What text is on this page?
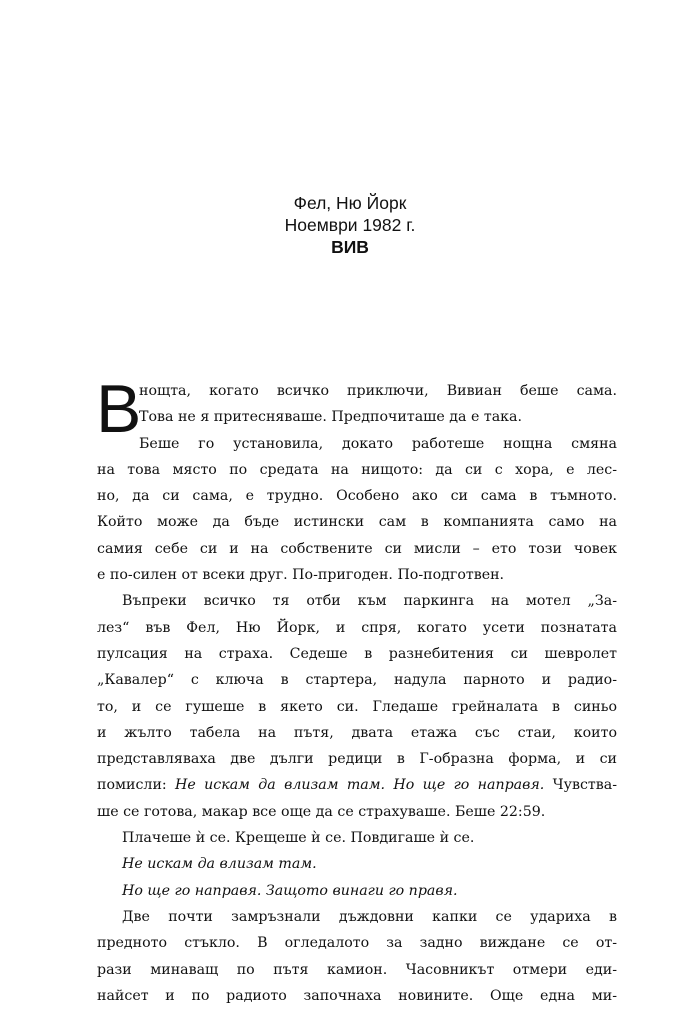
Фел, Ню Йорк
Ноември 1982 г.
ВИВ
В
нощта, когато всичко приключи, Вивиан беше сама.
Това не я притесняваше. Предпочиташе да е така.
Беше го установила, докато работеше нощна смяна
на това място по средата на нищото: да си с хора, е лес-
но, да си сама, е трудно. Особено ако си сама в тъмното.
Който може да бъде истински сам в компанията само на
самия себе си и на собствените си мисли – ето този човек
е по-силен от всеки друг. По-пригоден. По-подготвен.
Въпреки всичко тя отби към паркинга на мотел „За-
лез“ във Фел, Ню Йорк, и спря, когато усети познатата
пулсация на страха. Седеше в разнебитения си шевролет
„Кавалер“ с ключа в стартера, надула парното и радио-
то, и се гушеше в якето си. Гледаше грейналата в синьо
и жълто табела на пътя, двата етажа със стаи, които
представляваха две дълги редици в Г-образна форма, и си
помисли: Не искам да влизам там. Но ще го направя. Чувства-
ше се готова, макар все още да се страхуваше. Беше 22:59.
Плачеше ѝ се. Крещеше ѝ се. Повдигаше ѝ се.
Не искам да влизам там.
Но ще го направя. Защото винаги го правя.
Две почти замръзнали дъждовни капки се удариха в
предното стъкло. В огледалото за задно виждане се от-
рази минаващ по пътя камион. Часовникът отмери еди-
найсет и по радиото започнаха новините. Още една ми-
